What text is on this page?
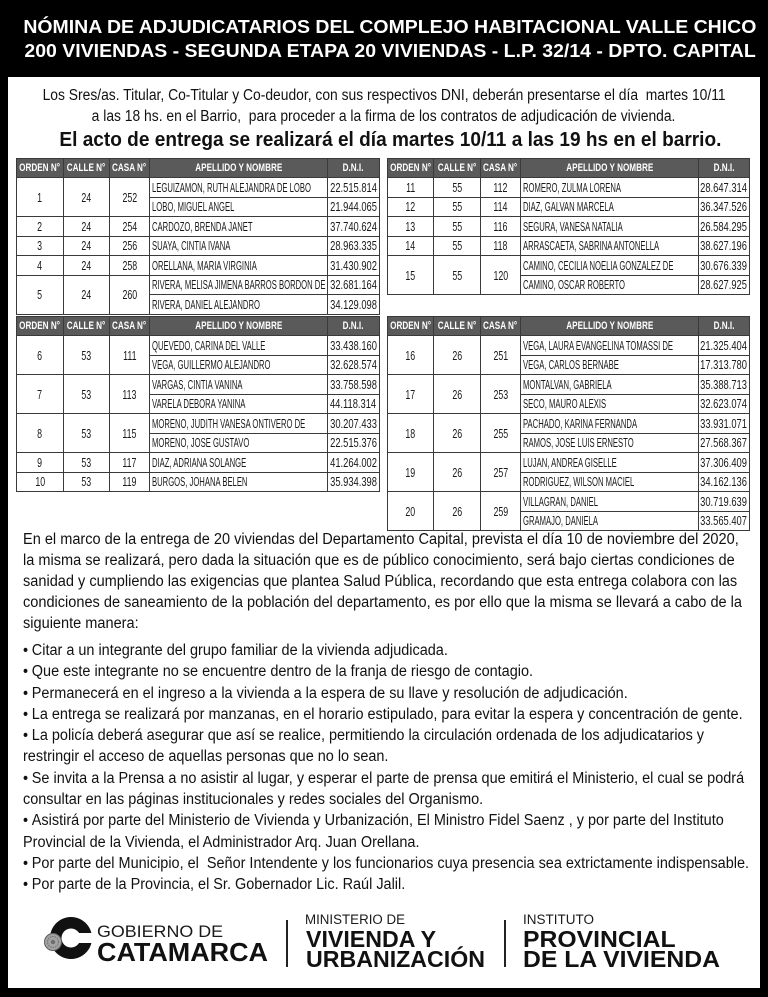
NÓMINA DE ADJUDICATARIOS DEL COMPLEJO HABITACIONAL VALLE CHICO
200 VIVIENDAS - SEGUNDA ETAPA 20 VIVIENDAS - L.P. 32/14 - DPTO. CAPITAL
Los Sres/as. Titular, Co-Titular y Co-deudor, con sus respectivos DNI, deberán presentarse el día  martes 10/11
a las 18 hs. en el Barrio,  para proceder a la firma de los contratos de adjudicación de vivienda.
El acto de entrega se realizará el día martes 10/11 a las 19 hs en el barrio.
ORDEN N°	CALLE N°	CASA N°	APELLIDO Y NOMBRE	D.N.I.

1	24	252	LEGUIZAMON, RUTH ALEJANDRA DE LOBO	22.515.814

			LOBO, MIGUEL ANGEL	21.944.065

2	24	254	CARDOZO, BRENDA JANET	37.740.624

3	24	256	SUAYA, CINTIA IVANA	28.963.335

4	24	258	ORELLANA, MARIA VIRGINIA	31.430.902

5	24	260	RIVERA, MELISA JIMENA BARROS BORDON DE	32.681.164

			RIVERA, DANIEL ALEJANDRO	34.129.098
ORDEN N°	CALLE N°	CASA N°	APELLIDO Y NOMBRE	D.N.I.

11	55	112	ROMERO, ZULMA LORENA	28.647.314

12	55	114	DIAZ, GALVAN MARCELA	36.347.526

13	55	116	SEGURA, VANESA NATALIA	26.584.295

14	55	118	ARRASCAETA, SABRINA ANTONELLA	38.627.196

15	55	120	CAMINO, CECILIA NOELIA GONZALEZ DE	30.676.339

			CAMINO, OSCAR ROBERTO	28.627.925
ORDEN N°	CALLE N°	CASA N°	APELLIDO Y NOMBRE	D.N.I.

6	53	111	QUEVEDO, CARINA DEL VALLE	33.438.160

			VEGA, GUILLERMO ALEJANDRO	32.628.574

7	53	113	VARGAS, CINTIA VANINA	33.758.598

			VARELA DEBORA YANINA	44.118.314

8	53	115	MORENO, JUDITH VANESA ONTIVERO DE	30.207.433

			MORENO, JOSE GUSTAVO	22.515.376

9	53	117	DIAZ, ADRIANA SOLANGE	41.264.002

10	53	119	BURGOS, JOHANA BELEN	35.934.398
ORDEN N°	CALLE N°	CASA N°	APELLIDO Y NOMBRE	D.N.I.

16	26	251	VEGA, LAURA EVANGELINA TOMASSI DE	21.325.404

			VEGA, CARLOS BERNABE	17.313.780

17	26	253	MONTALVAN, GABRIELA	35.388.713

			SECO, MAURO ALEXIS	32.623.074

18	26	255	PACHADO, KARINA FERNANDA	33.931.071

			RAMOS, JOSE LUIS ERNESTO	27.568.367

19	26	257	LUJAN, ANDREA GISELLE	37.306.409

			RODRIGUEZ, WILSON MACIEL	34.162.136

20	26	259	VILLAGRAN, DANIEL	30.719.639

			GRAMAJO, DANIELA	33.565.407
En el marco de la entrega de 20 viviendas del Departamento Capital, prevista el día 10 de noviembre del 2020,
la misma se realizará, pero dada la situación que es de público conocimiento, será bajo ciertas condiciones de
sanidad y cumpliendo las exigencias que plantea Salud Pública, recordando que esta entrega colabora con las
condiciones de saneamiento de la población del departamento, es por ello que la misma se llevará a cabo de la
siguiente manera:
• Citar a un integrante del grupo familiar de la vivienda adjudicada.
• Que este integrante no se encuentre dentro de la franja de riesgo de contagio.
• Permanecerá en el ingreso a la vivienda a la espera de su llave y resolución de adjudicación.
• La entrega se realizará por manzanas, en el horario estipulado, para evitar la espera y concentración de gente.
• La policía deberá asegurar que así se realice, permitiendo la circulación ordenada de los adjudicatarios y
restringir el acceso de aquellas personas que no lo sean.
• Se invita a la Prensa a no asistir al lugar, y esperar el parte de prensa que emitirá el Ministerio, el cual se podrá
consultar en las páginas institucionales y redes sociales del Organismo.
• Asistirá por parte del Ministerio de Vivienda y Urbanización, El Ministro Fidel Saenz , y por parte del Instituto
Provincial de la Vivienda, el Administrador Arq. Juan Orellana.
• Por parte del Municipio, el  Señor Intendente y los funcionarios cuya presencia sea extrictamente indispensable.
• Por parte de la Provincia, el Sr. Gobernador Lic. Raúl Jalil.
GOBIERNO DE
CATAMARCA
MINISTERIO DE
VIVIENDA Y
URBANIZACIÓN
INSTITUTO
PROVINCIAL
DE LA VIVIENDA
